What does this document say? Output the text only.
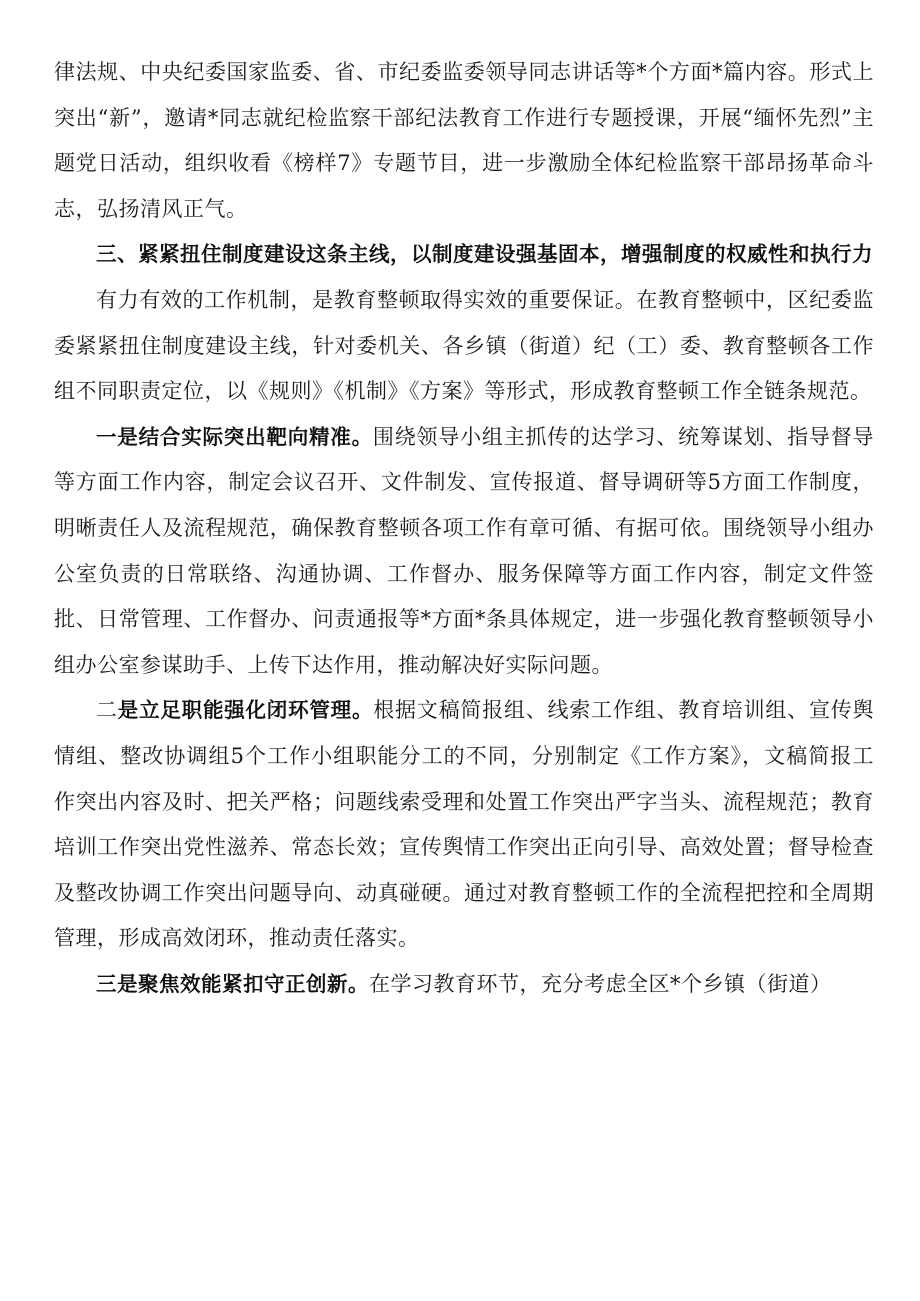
律法规、中央纪委国家监委、省、市纪委监委领导同志讲话等*个方面*篇内容。形式上突出“新”，邀请*同志就纪检监察干部纪法教育工作进行专题授课，开展“缅怀先烈”主题党日活动，组织收看《榜样7》专题节目，进一步激励全体纪检监察干部昂扬革命斗志，弘扬清风正气。

三、紧紧扭住制度建设这条主线，以制度建设强基固本，增强制度的权威性和执行力

有力有效的工作机制，是教育整顿取得实效的重要保证。在教育整顿中，区纪委监委紧紧扭住制度建设主线，针对委机关、各乡镇（街道）纪（工）委、教育整顿各工作组不同职责定位，以《规则》《机制》《方案》等形式，形成教育整顿工作全链条规范。

一是结合实际突出靶向精准。围绕领导小组主抓传的达学习、统筹谋划、指导督导等方面工作内容，制定会议召开、文件制发、宣传报道、督导调研等5方面工作制度，明晰责任人及流程规范，确保教育整顿各项工作有章可循、有据可依。围绕领导小组办公室负责的日常联络、沟通协调、工作督办、服务保障等方面工作内容，制定文件签批、日常管理、工作督办、问责通报等*方面*条具体规定，进一步强化教育整顿领导小组办公室参谋助手、上传下达作用，推动解决好实际问题。

二是立足职能强化闭环管理。根据文稿简报组、线索工作组、教育培训组、宣传舆情组、整改协调组5个工作小组职能分工的不同，分别制定《工作方案》，文稿简报工作突出内容及时、把关严格；问题线索受理和处置工作突出严字当头、流程规范；教育培训工作突出党性滋养、常态长效；宣传舆情工作突出正向引导、高效处置；督导检查及整改协调工作突出问题导向、动真碰硬。通过对教育整顿工作的全流程把控和全周期管理，形成高效闭环，推动责任落实。

三是聚焦效能紧扣守正创新。在学习教育环节，充分考虑全区*个乡镇（街道）
